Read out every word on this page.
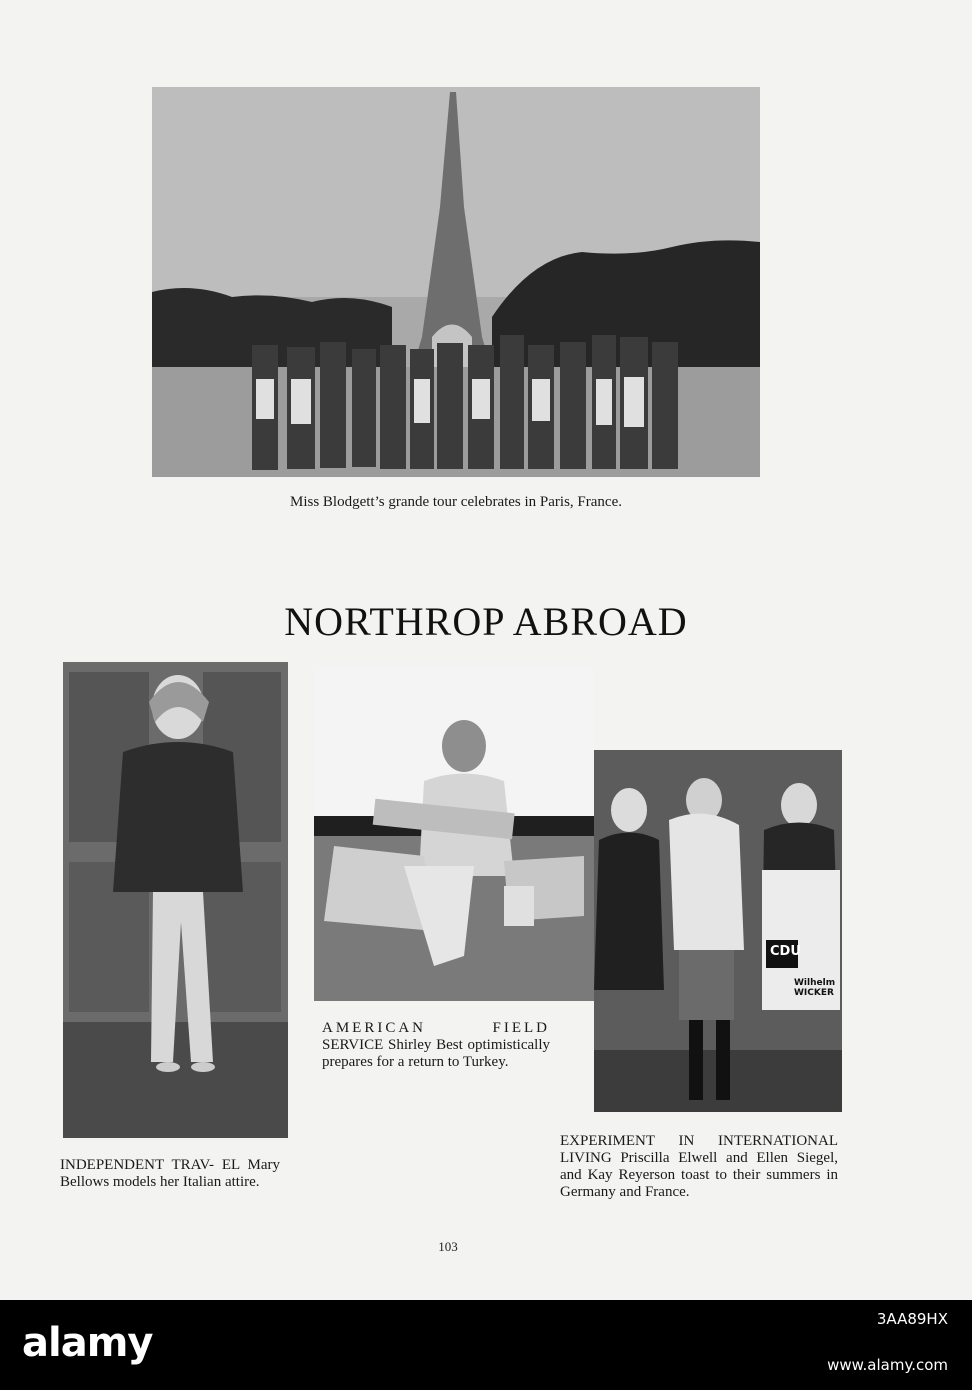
Miss Blodgett’s grande tour celebrates in Paris, France.
NORTHROP ABROAD
INDEPENDENT TRAV- EL Mary Bellows models her Italian attire.
AMERICAN FIELD SERVICE Shirley Best optimistically prepares for a return to Turkey.
CDU
Wilhelm WICKER
EXPERIMENT IN INTERNATIONAL LIVING Priscilla Elwell and Ellen Siegel, and Kay Reyerson toast to their summers in Germany and France.
103
alamy
3AA89HX
www.alamy.com
